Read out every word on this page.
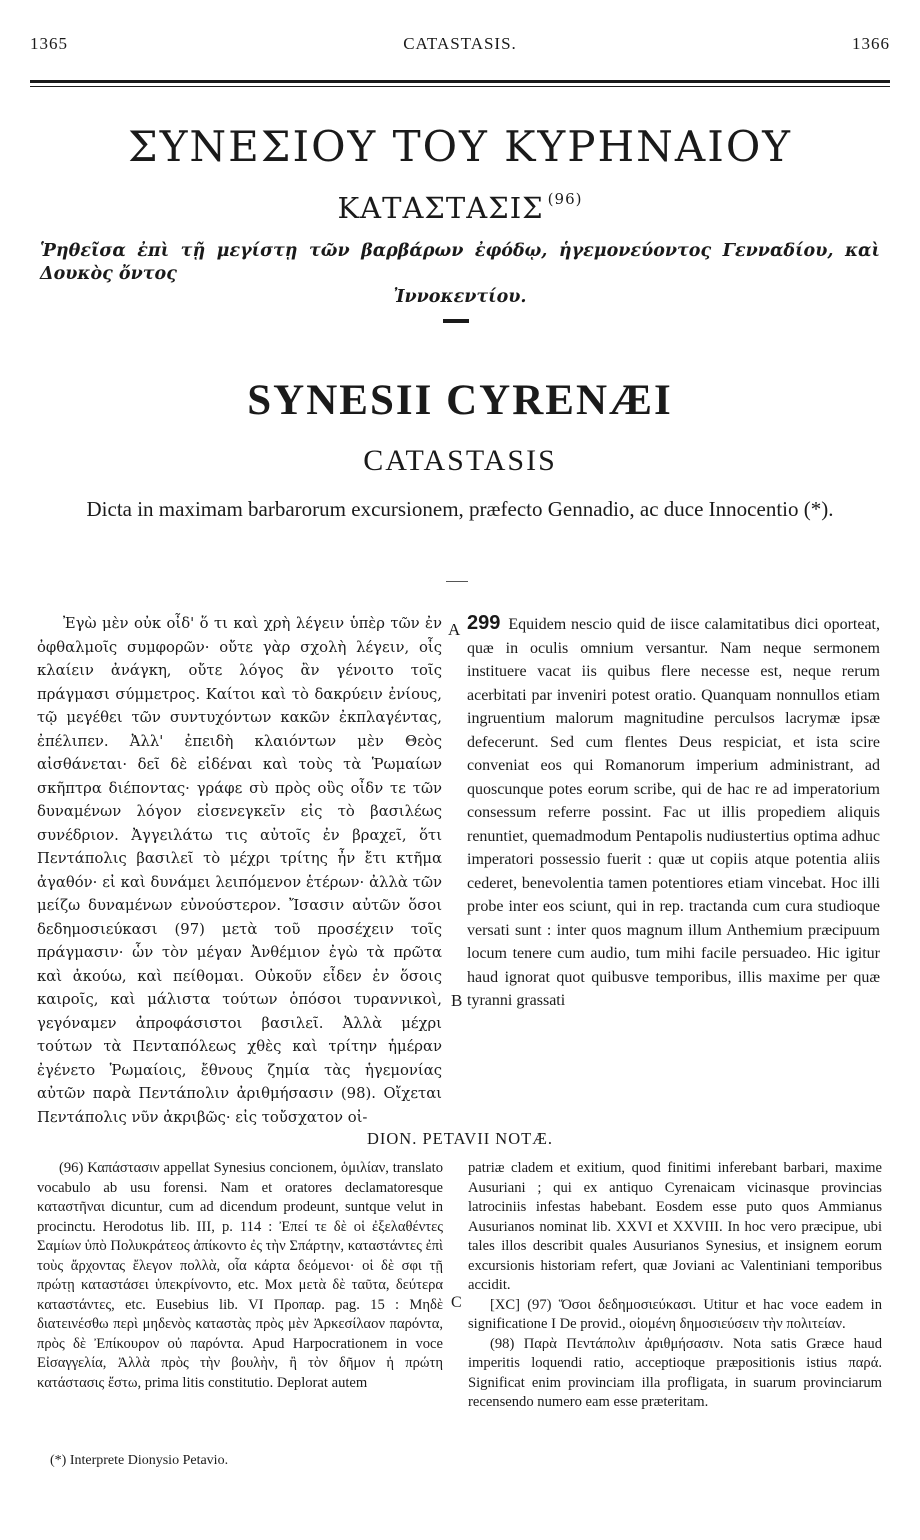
1365	CATASTASIS.	1366
ΣΥΝΕΣΙΟΥ ΤΟΥ ΚΥΡΗΝΑΙΟΥ
ΚΑΤΑΣΤΑΣΙΣ $^{(96)}$
Ῥηθεῖσα ἐπὶ τῇ μεγίστῃ τῶν βαρβάρων ἐφόδῳ, ἡγεμονεύοντος Γενναδίου, καὶ Δουκὸς ὄντος
Ἰννοκεντίου.
SYNESII CYRENÆI
CATASTASIS
Dicta in maximam barbarorum excursionem, præfecto Gennadio, ac duce Innocentio (*).

Ἐγὼ μὲν οὐκ οἶδ' ὅ τι καὶ χρὴ λέγειν ὑπὲρ τῶν ἐν ὀφθαλμοῖς συμφορῶν· οὔτε γὰρ σχολὴ λέγειν, οἷς κλαίειν ἀνάγκη, οὔτε λόγος ἂν γένοιτο τοῖς πράγμασι σύμμετρος. Καίτοι καὶ τὸ δακρύειν ἐνίους, τῷ μεγέθει τῶν συντυχόντων κακῶν ἐκπλαγέντας, ἐπέλιπεν. Ἀλλ' ἐπειδὴ κλαιόντων μὲν Θεὸς αἰσθάνεται· δεῖ δὲ εἰδέναι καὶ τοὺς τὰ Ῥωμαίων σκῆπτρα διέποντας· γράφε σὺ πρὸς οὓς οἶδν τε τῶν δυναμένων λόγον εἰσενεγκεῖν εἰς τὸ βασιλέως συνέδριον. Ἀγγειλάτω τις αὐτοῖς ἐν βραχεῖ, ὅτι Πεντάπολις βασιλεῖ τὸ μέχρι τρίτης ἦν ἔτι κτῆμα ἀγαθόν· εἰ καὶ δυνάμει λειπόμενον ἑτέρων· ἀλλὰ τῶν μείζω δυναμένων εὐνούστερον. Ἴσασιν αὐτῶν ὅσοι δεδημοσιεύκασι (97) μετὰ τοῦ προσέχειν τοῖς πράγμασιν· ὧν τὸν μέγαν Ἀνθέμιον ἐγὼ τὰ πρῶτα καὶ ἀκούω, καὶ πείθομαι. Οὐκοῦν εἶδεν ἐν ὅσοις καιροῖς, καὶ μάλιστα τούτων ὁπόσοι τυραννικοὶ, γεγόναμεν ἀπροφάσιστοι βασιλεῖ. Ἀλλὰ μέχρι τούτων τὰ Πενταπόλεως χθὲς καὶ τρίτην ἡμέραν ἐγένετο Ῥωμαίοις, ἔθνους ζημία τὰς ἡγεμονίας αὐτῶν παρὰ Πεντάπολιν ἀριθμήσασιν (98). Οἴχεται Πεντάπολις νῦν ἀκριβῶς· εἰς τοὔσχατον οἰ-

A
B

299 Equidem nescio quid de iisce calamitatibus dici oporteat, quæ in oculis omnium versantur. Nam neque sermonem instituere vacat iis quibus flere necesse est, neque rerum acerbitati par inveniri potest oratio. Quanquam nonnullos etiam ingruentium malorum magnitudine perculsos lacrymæ ipsæ defecerunt. Sed cum flentes Deus respiciat, et ista scire conveniat eos qui Romanorum imperium administrant, ad quoscunque potes eorum scribe, qui de hac re ad imperatorium consessum referre possint. Fac ut illis propediem aliquis renuntiet, quemadmodum Pentapolis nudiustertius optima adhuc imperatori possessio fuerit : quæ ut copiis atque potentia aliis cederet, benevolentia tamen potentiores etiam vincebat. Hoc illi probe inter eos sciunt, qui in rep. tractanda cum cura studioque versati sunt : inter quos magnum illum Anthemium præcipuum locum tenere cum audio, tum mihi facile persuadeo. Hic igitur haud ignorat quot quibusve temporibus, illis maxime per quæ tyranni grassati

DION. PETAVII NOTÆ.

(96) Καπάστασιν appellat Synesius concionem, ὁμιλίαν, translato vocabulo ab usu forensi. Nam et oratores declamatoresque καταστῆναι dicuntur, cum ad dicendum prodeunt, suntque velut in procinctu. Herodotus lib. III, p. 114 : Ἐπεί τε δὲ οἱ ἐξελαθέντες Σαμίων ὑπὸ Πολυκράτεος ἀπίκοντο ἐς τὴν Σπάρτην, καταστάντες ἐπὶ τοὺς ἄρχοντας ἔλεγον πολλὰ, οἷα κάρτα δεόμενοι· οἱ δὲ σφι τῇ πρώτῃ καταστάσει ὑπεκρίνοντο, etc. Mox μετὰ δὲ ταῦτα, δεύτερα καταστάντες, etc. Eusebius lib. VI Προπαρ. pag. 15 : Μηδὲ διατεινέσθω περὶ μηδενὸς καταστὰς πρὸς μὲν Ἀρκεσίλαον παρόντα, πρὸς δὲ Ἐπίκουρον οὐ παρόντα. Apud Harpocrationem in voce Εἰσαγγελία, Ἀλλὰ πρὸς τὴν βουλὴν, ἢ τὸν δῆμον ἡ πρώτη κατάστασις ἔστω, prima litis constitutio. Deplorat autem

C

patriæ cladem et exitium, quod finitimi inferebant barbari, maxime Ausuriani ; qui ex antiquo Cyrenaicam vicinasque provincias latrociniis infestas habebant. Eosdem esse puto quos Ammianus Ausurianos nominat lib. XXVI et XXVIII. In hoc vero præcipue, ubi tales illos describit quales Ausurianos Synesius, et insignem eorum excursionis historiam refert, quæ Joviani ac Valentiniani temporibus accidit.

[XC] (97) Ὅσοι δεδημοσιεύκασι. Utitur et hac voce eadem in significatione I De provid., οἰομένη δημοσιεύσειν τὴν πολιτείαν.

(98) Παρὰ Πεντάπολιν ἀριθμήσασιν. Nota satis Græce haud imperitis loquendi ratio, acceptioque præpositionis istius παρά. Significat enim provinciam illa profligata, in suarum provinciarum recensendo numero eam esse præteritam.

(*) Interprete Dionysio Petavio.
